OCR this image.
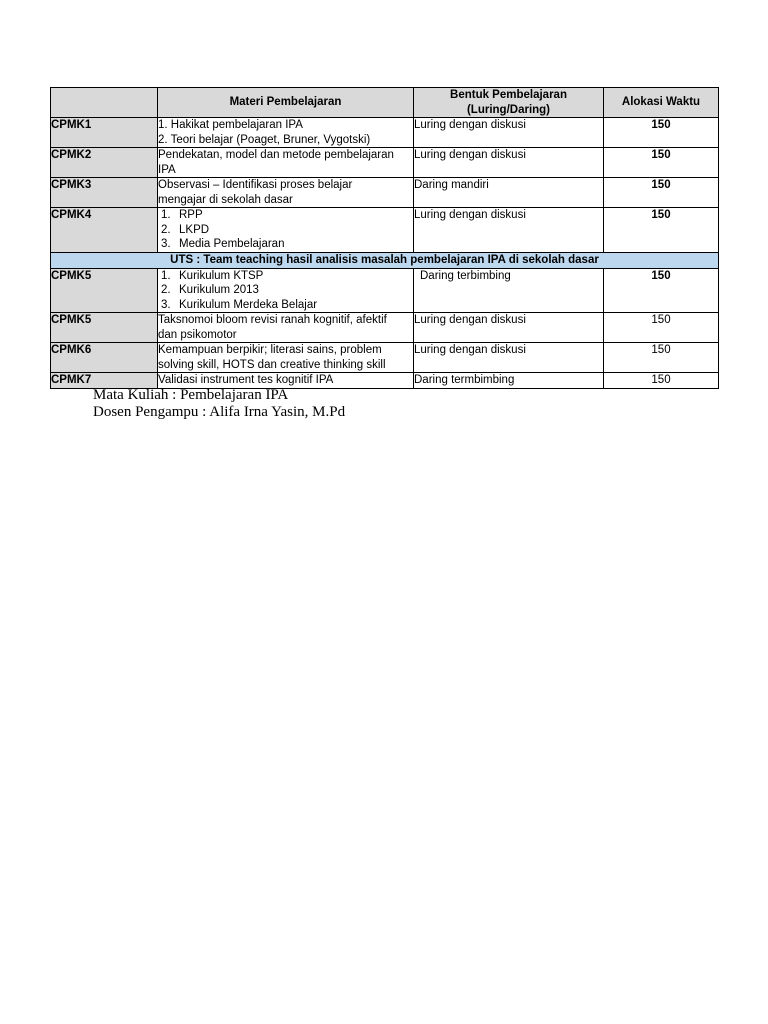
	Materi Pembelajaran	Bentuk Pembelajaran (Luring/Daring)	Alokasi Waktu
CPMK1	1. Hakikat pembelajaran IPA
2. Teori belajar (Poaget, Bruner, Vygotski)	Luring dengan diskusi	150
CPMK2	Pendekatan, model dan metode pembelajaran
IPA	Luring dengan diskusi	150
CPMK3	Observasi – Identifikasi proses belajar
mengajar di sekolah dasar	Daring mandiri	150
CPMK4	1. RPP
2. LKPD
3. Media Pembelajaran	Luring dengan diskusi	150
UTS : Team teaching hasil analisis masalah pembelajaran IPA di sekolah dasar			
CPMK5	1. Kurikulum KTSP
2. Kurikulum 2013
3. Kurikulum Merdeka Belajar	Daring terbimbing	150
CPMK5	Taksnomoi bloom revisi ranah kognitif, afektif
dan psikomotor	Luring dengan diskusi	150
CPMK6	Kemampuan berpikir; literasi sains, problem
solving skill, HOTS dan creative thinking skill	Luring dengan diskusi	150
CPMK7	Validasi instrument tes kognitif IPA	Daring termbimbing	150
Mata Kuliah : Pembelajaran IPA
Dosen Pengampu : Alifa Irna Yasin, M.Pd
